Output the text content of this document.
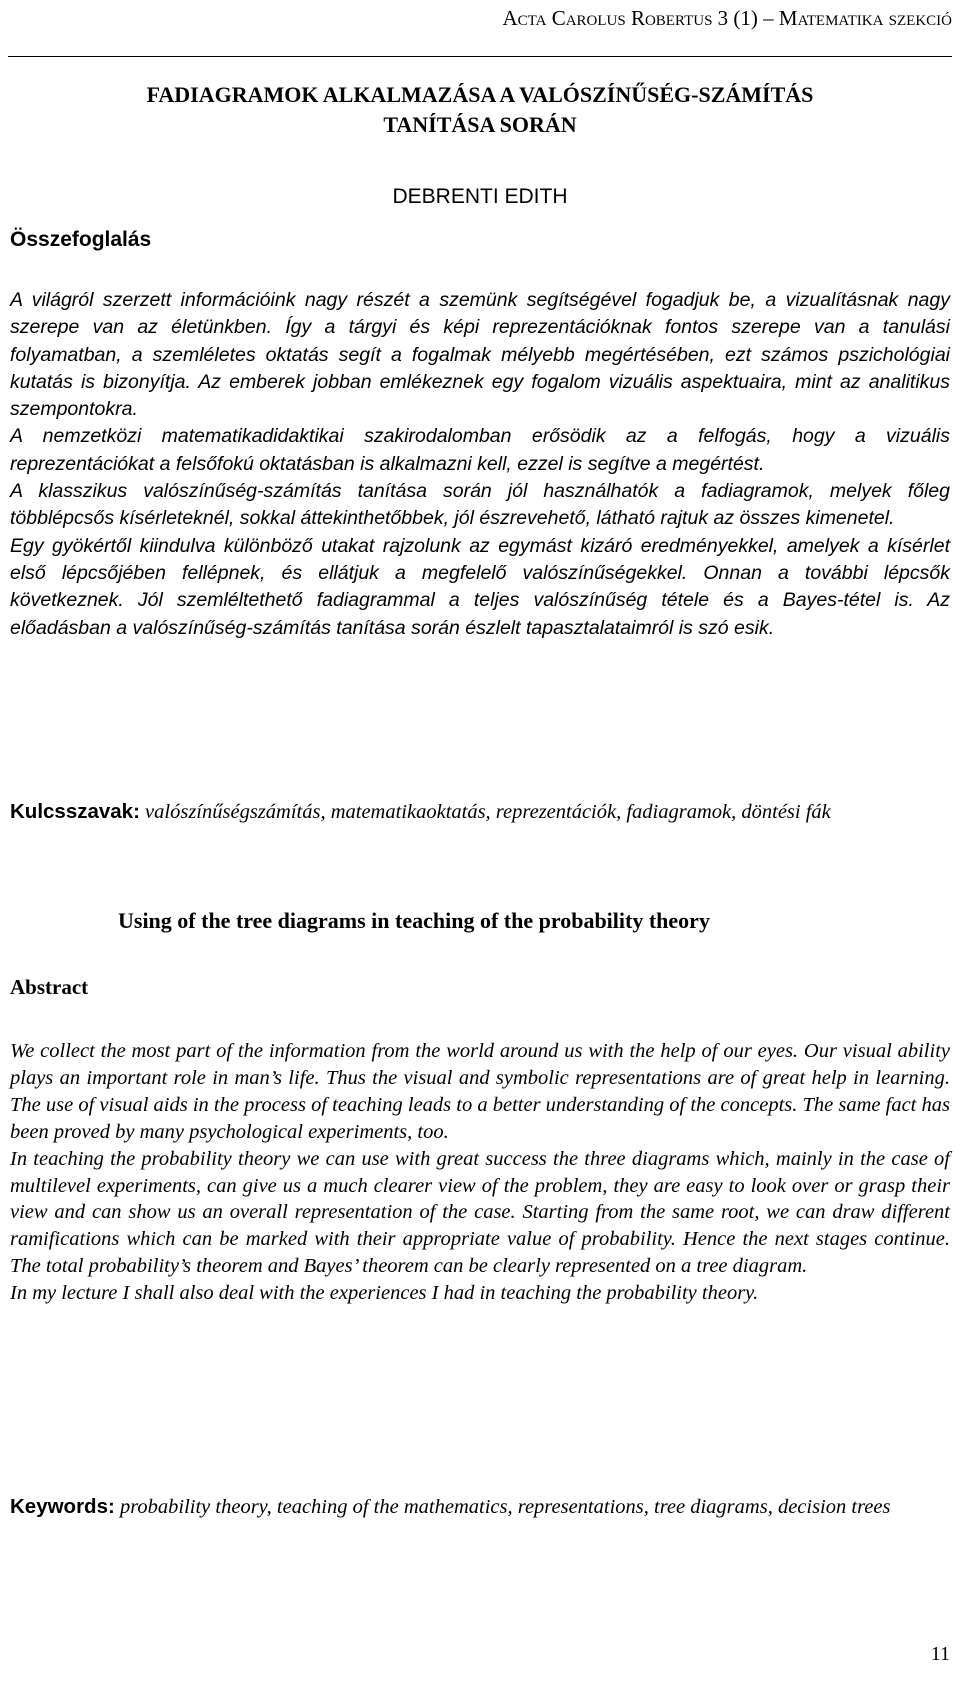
Acta Carolus Robertus 3 (1) – Matematika szekció
FADIAGRAMOK ALKALMAZÁSA A VALÓSZÍNŰSÉG-SZÁMÍTÁS
TANÍTÁSA SORÁN
DEBRENTI EDITH
Összefoglalás

A világról szerzett információink nagy részét a szemünk segítségével fogadjuk be, a vizualításnak nagy szerepe van az életünkben. Így a tárgyi és képi reprezentációknak fontos szerepe van a tanulási folyamatban, a szemléletes oktatás segít a fogalmak mélyebb megértésében, ezt számos pszichológiai kutatás is bizonyítja. Az emberek jobban emlékeznek egy fogalom vizuális aspektuaira, mint az analitikus szempontokra.

A nemzetközi matematikadidaktikai szakirodalomban erősödik az a felfogás, hogy a vizuális reprezentációkat a felsőfokú oktatásban is alkalmazni kell, ezzel is segítve a megértést.

A klasszikus valószínűség-számítás tanítása során jól használhatók a fadiagramok, melyek főleg többlépcsős kísérleteknél, sokkal áttekinthetőbbek, jól észrevehető, látható rajtuk az összes kimenetel.

Egy gyökértől kiindulva különböző utakat rajzolunk az egymást kizáró eredményekkel, amelyek a kísérlet első lépcsőjében fellépnek, és ellátjuk a megfelelő valószínűségekkel. Onnan a további lépcsők következnek. Jól szemléltethető fadiagrammal a teljes valószínűség tétele és a Bayes-tétel is. Az előadásban a valószínűség-számítás tanítása során észlelt tapasztalataimról is szó esik.

Kulcsszavak: valószínűségszámítás, matematikaoktatás, reprezentációk, fadiagramok, döntési fák
Using of the tree diagrams in teaching of the probability theory
Abstract

We collect the most part of the information from the world around us with the help of our eyes. Our visual ability plays an important role in man’s life. Thus the visual and symbolic representations are of great help in learning. The use of visual aids in the process of teaching leads to a better understanding of the concepts. The same fact has been proved by many psychological experiments, too.

In teaching the probability theory we can use with great success the three diagrams which, mainly in the case of multilevel experiments, can give us a much clearer view of the problem, they are easy to look over or grasp their view and can show us an overall representation of the case. Starting from the same root, we can draw different ramifications which can be marked with their appropriate value of probability. Hence the next stages continue. The total probability’s theorem and Bayes’ theorem can be clearly represented on a tree diagram.

In my lecture I shall also deal with the experiences I had in teaching the probability theory.

Keywords: probability theory, teaching of the mathematics, representations, tree diagrams, decision trees
11
